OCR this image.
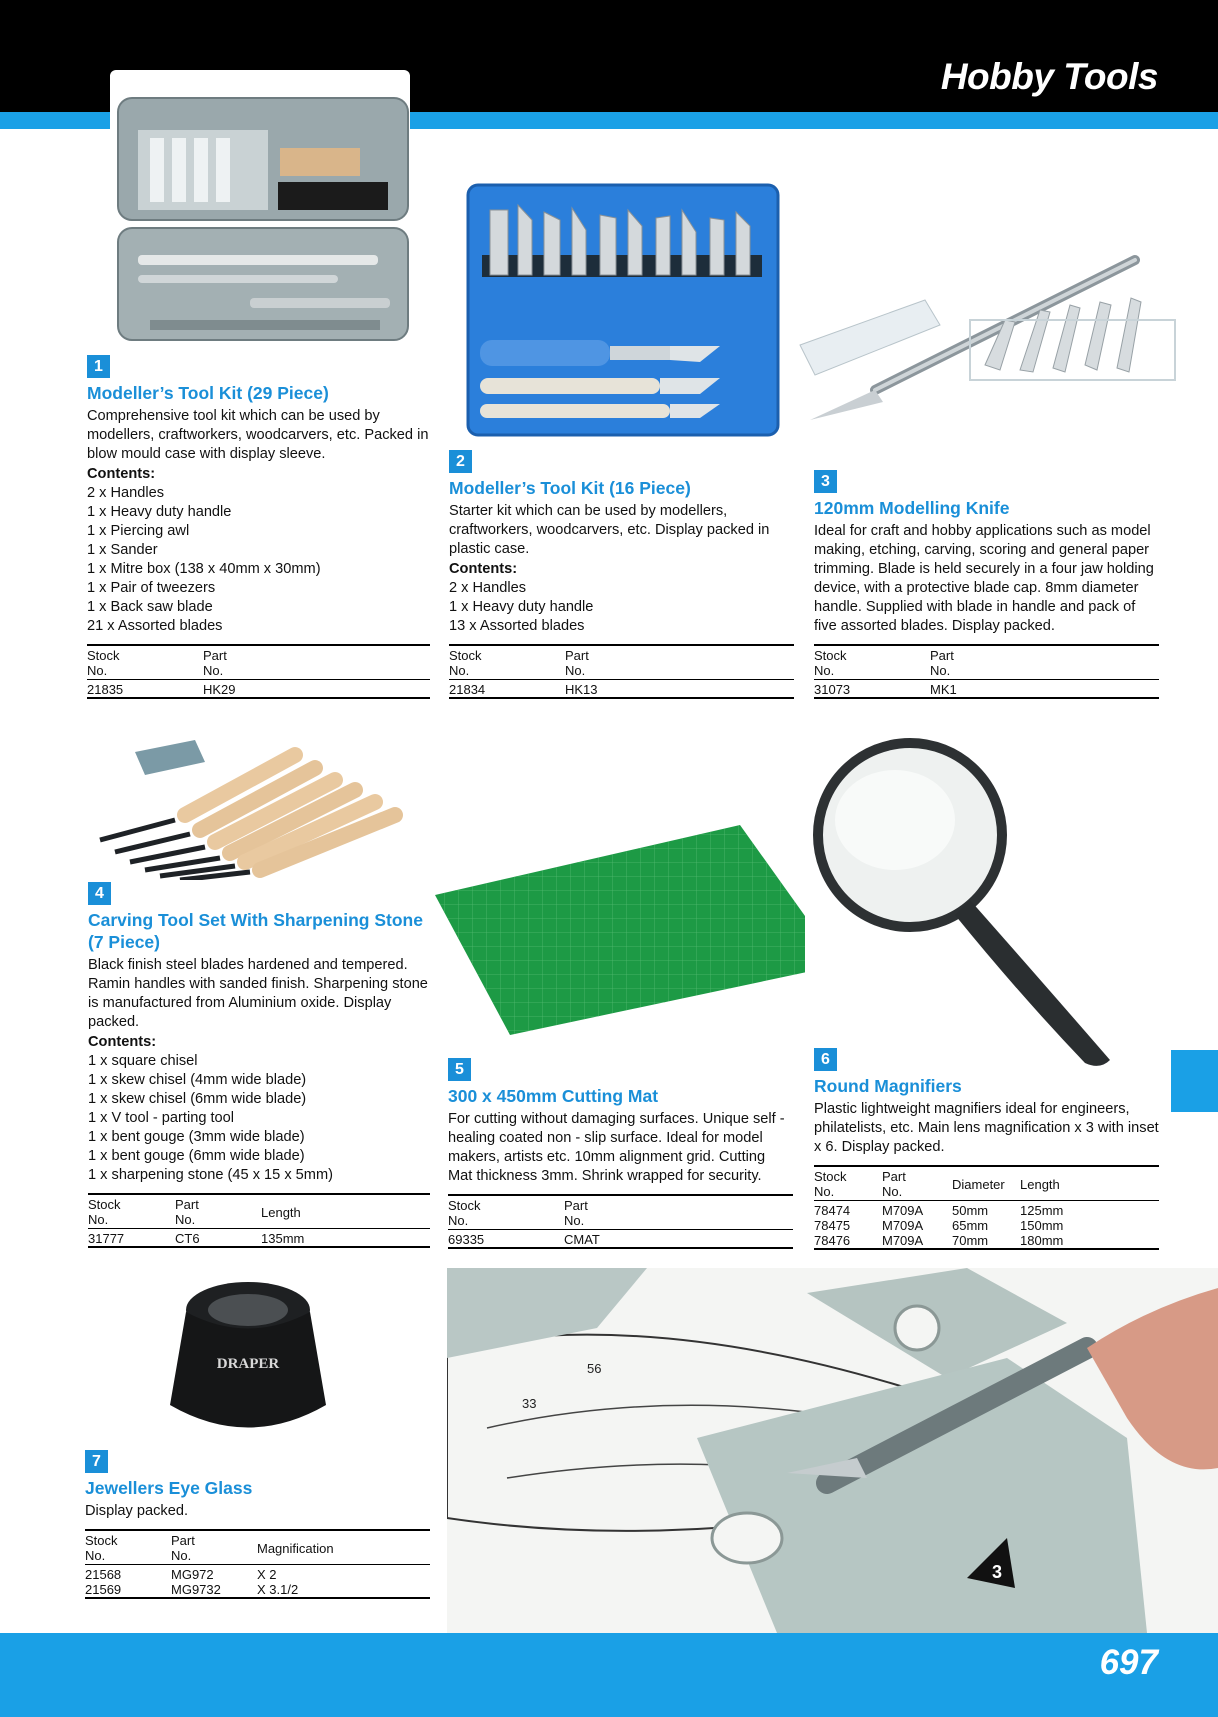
Hobby Tools
697
DRAPER
3
56
33
1
Modeller’s Tool Kit (29 Piece)

Comprehensive tool kit which can be used by modellers, craftworkers, woodcarvers, etc. Packed in blow mould case with display sleeve.

Contents:
2 x Handles
1 x Heavy duty handle
1 x Piercing awl
1 x Sander
1 x Mitre box (138 x 40mm x 30mm)
1 x Pair of tweezers
1 x Back saw blade
21 x Assorted blades
Stock
No.	Part
No.
21835	HK29
2
Modeller’s Tool Kit (16 Piece)

Starter kit which can be used by modellers, craftworkers, woodcarvers, etc. Display packed in plastic case.

Contents:
2 x Handles
1 x Heavy duty handle
13 x Assorted blades
Stock
No.	Part
No.
21834	HK13
3
120mm Modelling Knife

Ideal for craft and hobby applications such as model making, etching, carving, scoring and general paper trimming. Blade is held securely in a four jaw holding device, with a protective blade cap. 8mm diameter handle. Supplied with blade in handle and pack of five assorted blades. Display packed.

Stock
No.	Part
No.
31073	MK1
4
Carving Tool Set With Sharpening Stone (7 Piece)

Black finish steel blades hardened and tempered. Ramin handles with sanded finish. Sharpening stone is manufactured from Aluminium oxide. Display packed.

Contents:
1 x square chisel
1 x skew chisel (4mm wide blade)
1 x skew chisel (6mm wide blade)
1 x V tool - parting tool
1 x bent gouge (3mm wide blade)
1 x bent gouge (6mm wide blade)
1 x sharpening stone (45 x 15 x 5mm)
Stock
No.	Part
No.	Length
31777	CT6	135mm
5
300 x 450mm Cutting Mat

For cutting without damaging surfaces. Unique self - healing coated non - slip surface. Ideal for model makers, artists etc. 10mm alignment grid. Cutting Mat thickness 3mm. Shrink wrapped for security.

Stock
No.	Part
No.
69335	CMAT
6
Round Magnifiers

Plastic lightweight magnifiers ideal for engineers, philatelists, etc. Main lens magnification x 3 with inset x 6. Display packed.

Stock
No.	Part
No.	Diameter	Length
78474	M709A	50mm	125mm
78475	M709A	65mm	150mm
78476	M709A	70mm	180mm
7
Jewellers Eye Glass

Display packed.

Stock
No.	Part
No.	Magnification
21568	MG972	X 2
21569	MG9732	X 3.1/2
